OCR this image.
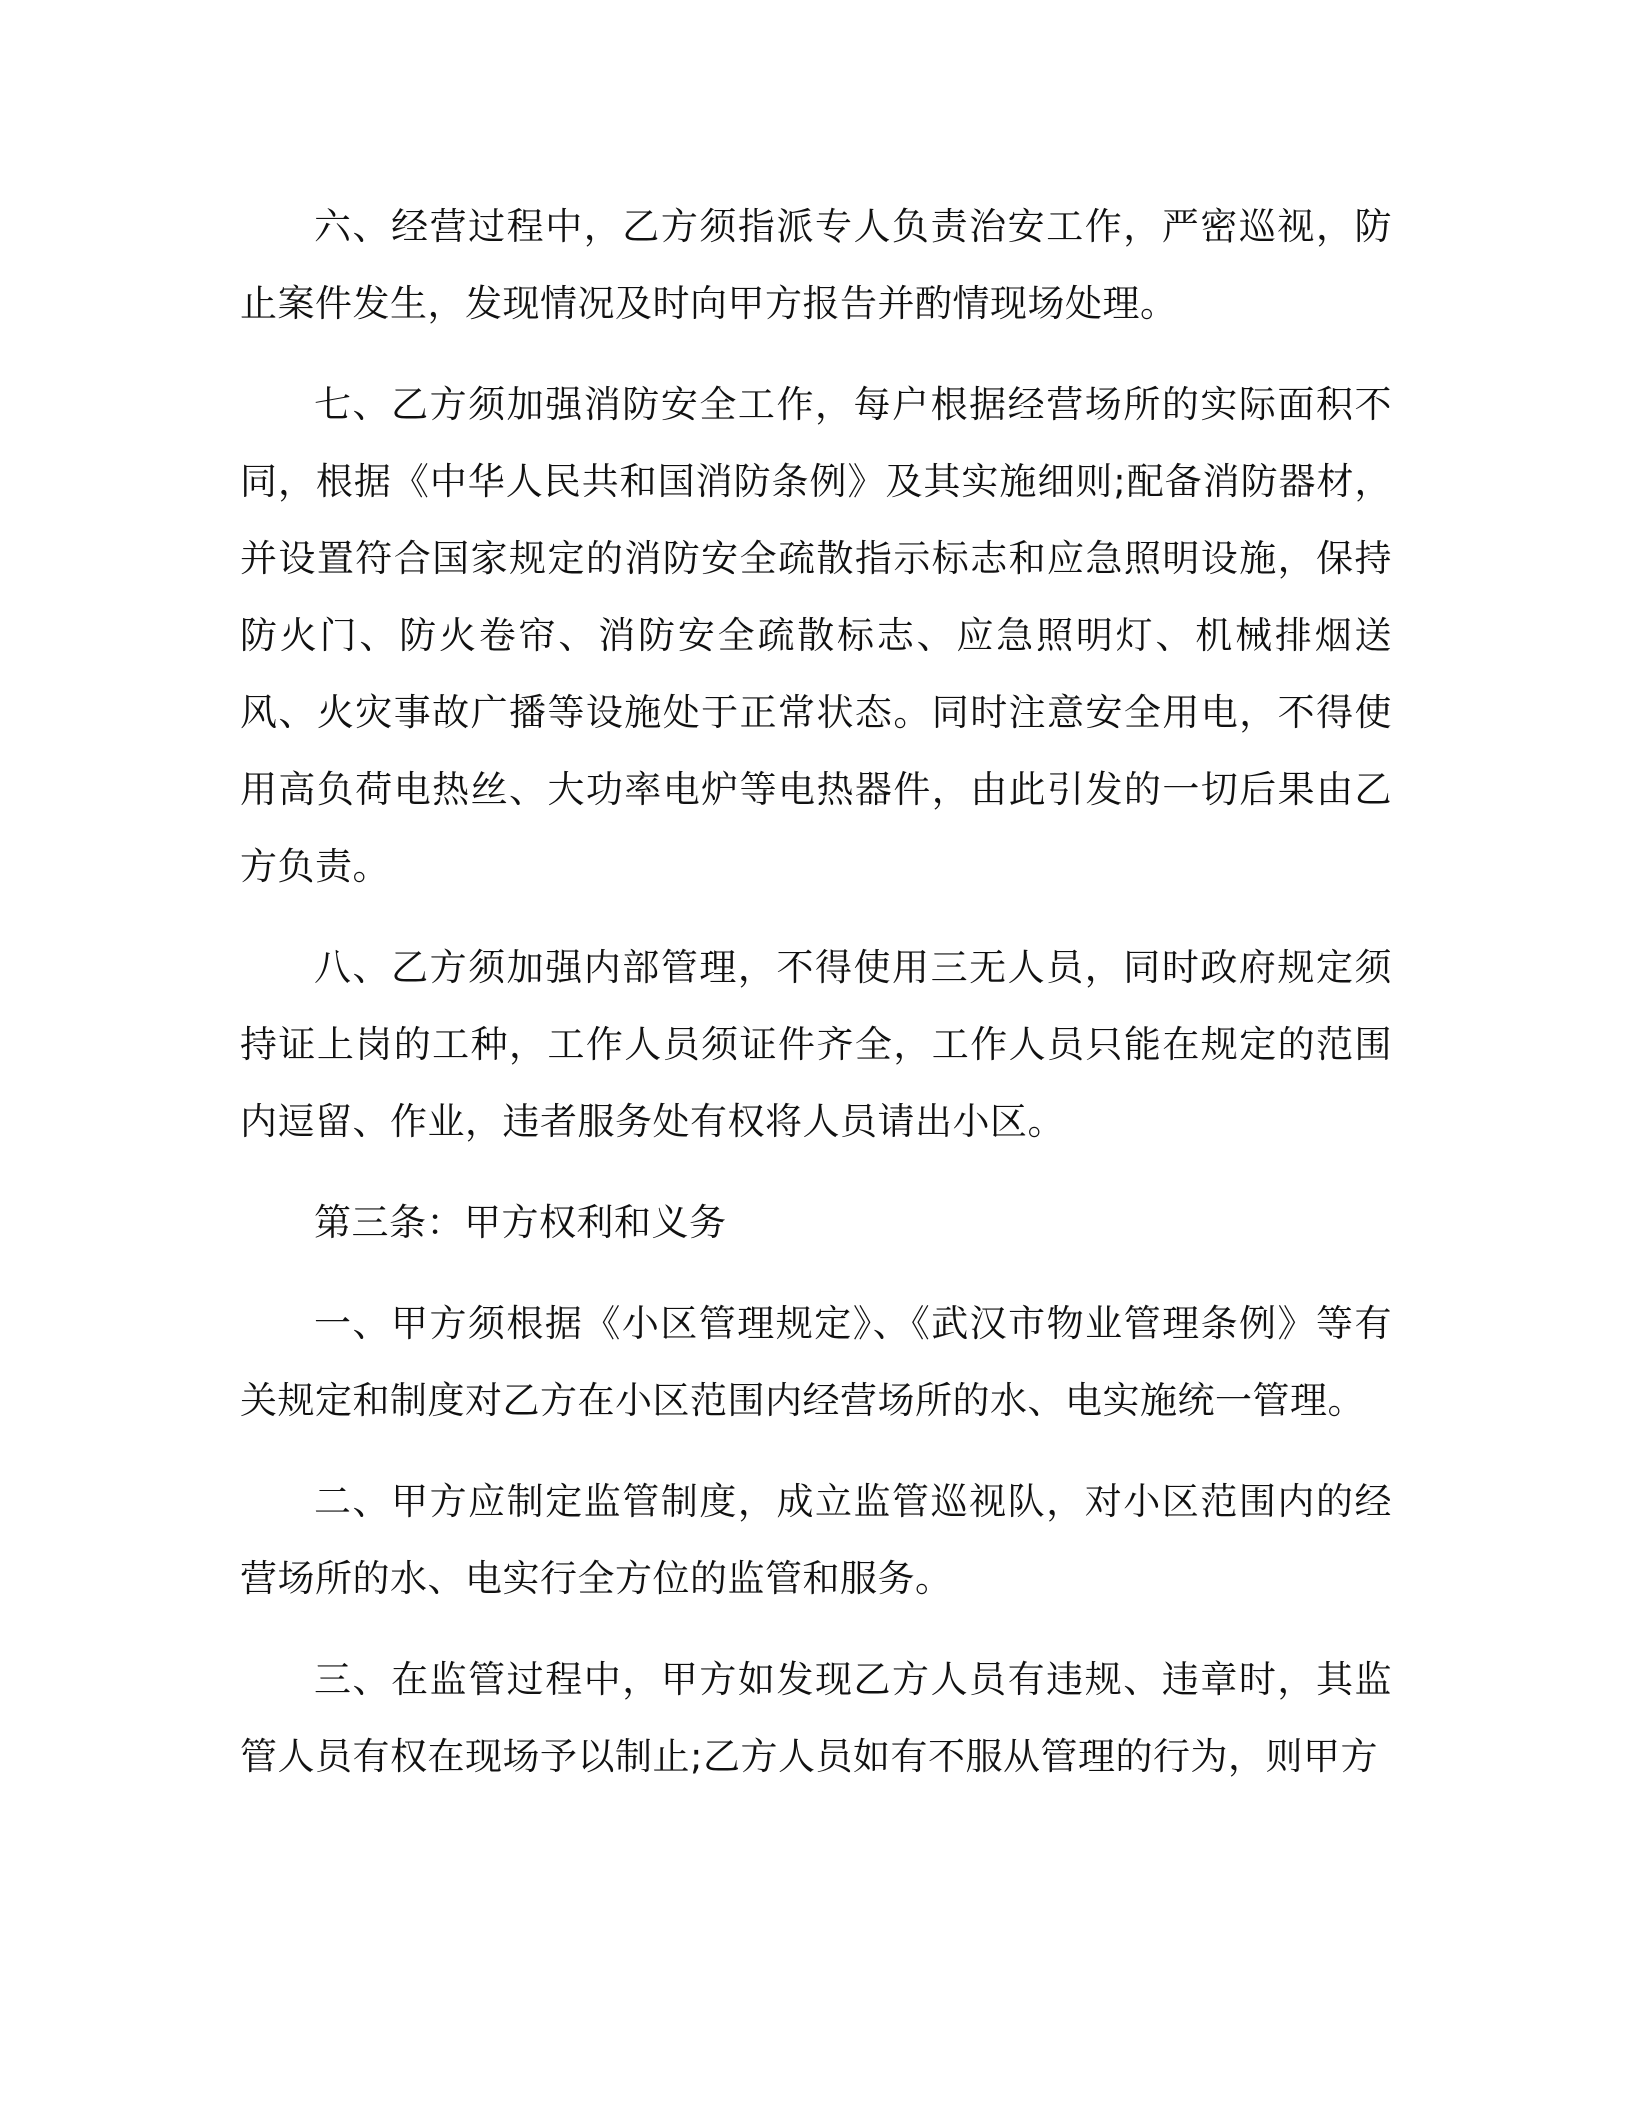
六、经营过程中，乙方须指派专人负责治安工作，严密巡视，防止案件发生，发现情况及时向甲方报告并酌情现场处理。

七、乙方须加强消防安全工作，每户根据经营场所的实际面积不同，根据《中华人民共和国消防条例》及其实施细则;配备消防器材，并设置符合国家规定的消防安全疏散指示标志和应急照明设施，保持防火门、防火卷帘、消防安全疏散标志、应急照明灯、机械排烟送风、火灾事故广播等设施处于正常状态。同时注意安全用电，不得使用高负荷电热丝、大功率电炉等电热器件，由此引发的一切后果由乙方负责。

八、乙方须加强内部管理，不得使用三无人员，同时政府规定须持证上岗的工种，工作人员须证件齐全，工作人员只能在规定的范围内逗留、作业，违者服务处有权将人员请出小区。

第三条：甲方权利和义务

一、甲方须根据《小区管理规定》、《武汉市物业管理条例》等有关规定和制度对乙方在小区范围内经营场所的水、电实施统一管理。

二、甲方应制定监管制度，成立监管巡视队，对小区范围内的经营场所的水、电实行全方位的监管和服务。

三、在监管过程中，甲方如发现乙方人员有违规、违章时，其监管人员有权在现场予以制止;乙方人员如有不服从管理的行为，则甲方
